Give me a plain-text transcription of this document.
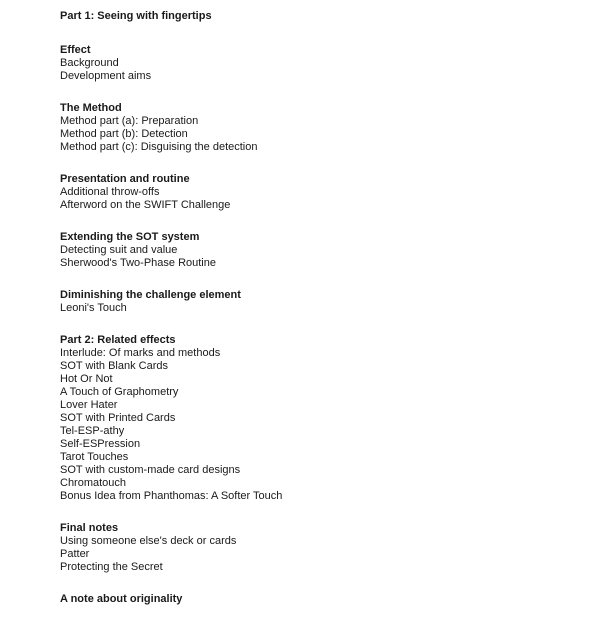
Part 1: Seeing with fingertips
Effect
Background
Development aims
The Method
Method part (a): Preparation
Method part (b): Detection
Method part (c): Disguising the detection
Presentation and routine
Additional throw-offs
Afterword on the SWIFT Challenge
Extending the SOT system
Detecting suit and value
Sherwood's Two-Phase Routine
Diminishing the challenge element
Leoni's Touch
Part 2: Related effects
Interlude: Of marks and methods
SOT with Blank Cards
Hot Or Not
A Touch of Graphometry
Lover Hater
SOT with Printed Cards
Tel-ESP-athy
Self-ESPression
Tarot Touches
SOT with custom-made card designs
Chromatouch
Bonus Idea from Phanthomas: A Softer Touch
Final notes
Using someone else's deck or cards
Patter
Protecting the Secret
A note about originality
